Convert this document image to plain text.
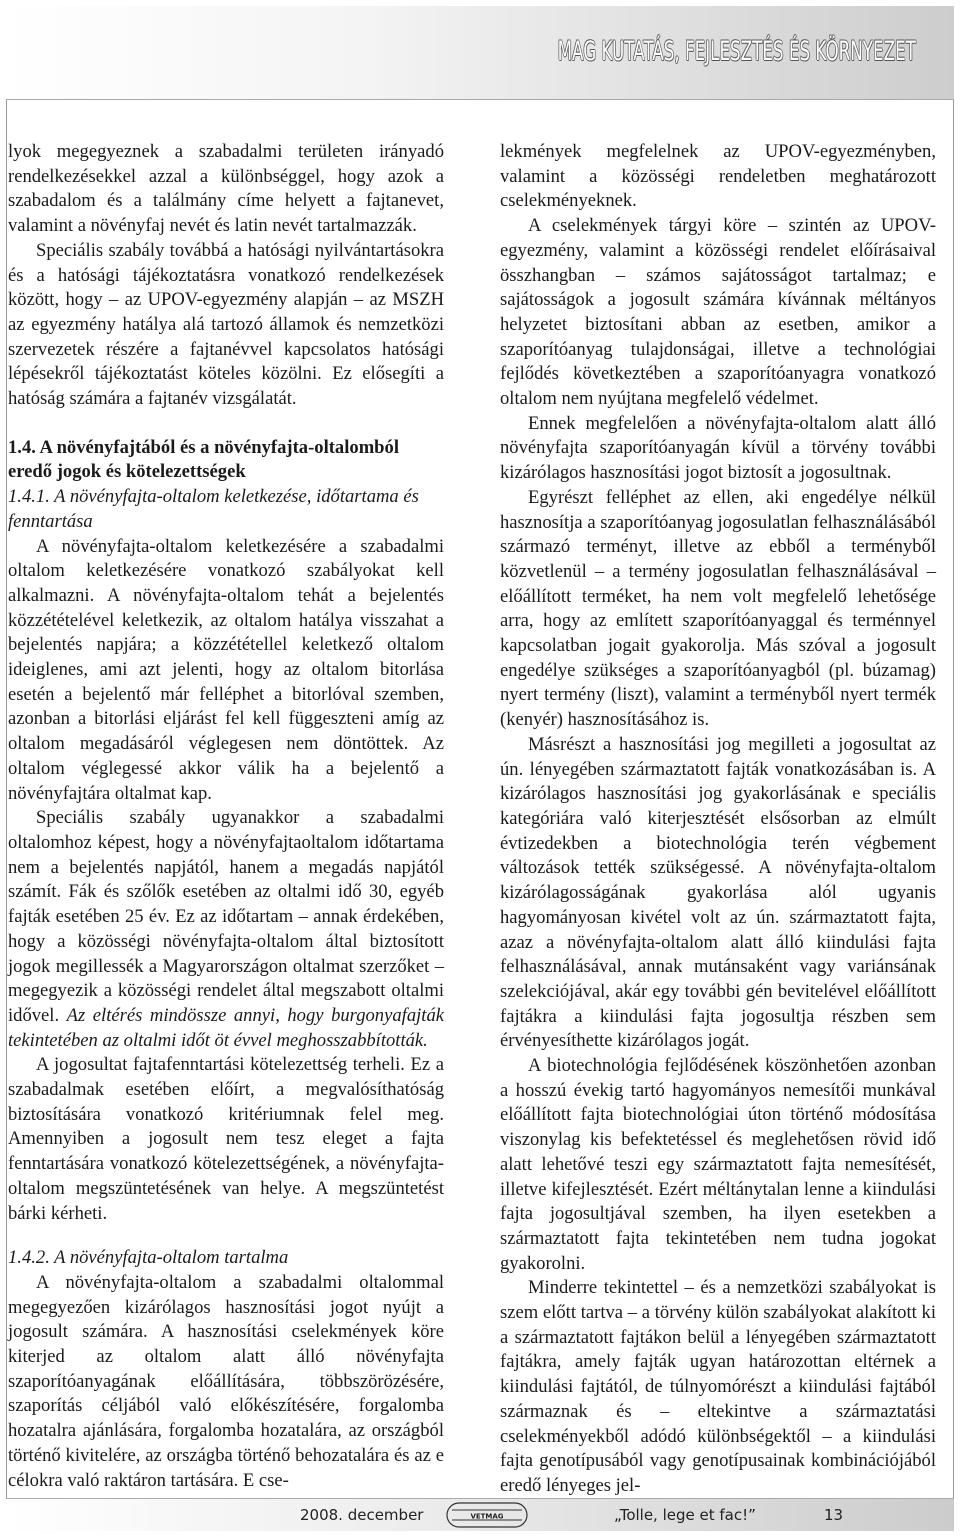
MAG KUTATÁS, FEJLESZTÉS ÉS KÖRNYEZET

lyok megegyeznek a szabadalmi területen irányadó rendelkezésekkel azzal a különbséggel, hogy azok a szabadalom és a találmány címe helyett a fajtanevet, valamint a növényfaj nevét és latin nevét tartalmazzák.

Speciális szabály továbbá a hatósági nyilvántartásokra és a hatósági tájékoztatásra vonatkozó rendelkezések között, hogy – az UPOV-egyezmény alapján – az MSZH az egyezmény hatálya alá tartozó államok és nemzetközi szervezetek részére a fajtanévvel kapcsolatos hatósági lépésekről tájékoztatást köteles közölni. Ez elősegíti a hatóság számára a fajtanév vizsgálatát.

1.4. A növényfajtából és a növényfajta-oltalomból eredő jogok és kötelezettségek

1.4.1. A növényfajta-oltalom keletkezése, időtartama és fenntartása

A növényfajta-oltalom keletkezésére a szabadalmi oltalom keletkezésére vonatkozó szabályokat kell alkalmazni. A növényfajta-oltalom tehát a bejelentés közzétételével keletkezik, az oltalom hatálya visszahat a bejelentés napjára; a közzététellel keletkező oltalom ideiglenes, ami azt jelenti, hogy az oltalom bitorlása esetén a bejelentő már felléphet a bitorlóval szemben, azonban a bitorlási eljárást fel kell függeszteni amíg az oltalom megadásáról véglegesen nem döntöttek. Az oltalom véglegessé akkor válik ha a bejelentő a növényfajtára oltalmat kap.

Speciális szabály ugyanakkor a szabadalmi oltalomhoz képest, hogy a növényfajtaoltalom időtartama nem a bejelentés napjától, hanem a megadás napjától számít. Fák és szőlők esetében az oltalmi idő 30, egyéb fajták esetében 25 év. Ez az időtartam – annak érdekében, hogy a közösségi növényfajta-oltalom által biztosított jogok megillessék a Magyarországon oltalmat szerzőket – megegyezik a közösségi rendelet által megszabott oltalmi idővel. Az eltérés mindössze annyi, hogy burgonyafajták tekintetében az oltalmi időt öt évvel meghosszabbították.

A jogosultat fajtafenntartási kötelezettség terheli. Ez a szabadalmak esetében előírt, a megvalósíthatóság biztosítására vonatkozó kritériumnak felel meg. Amennyiben a jogosult nem tesz eleget a fajta fenntartására vonatkozó kötelezettségének, a növényfajta-oltalom megszüntetésének van helye. A megszüntetést bárki kérheti.

1.4.2. A növényfajta-oltalom tartalma

A növényfajta-oltalom a szabadalmi oltalommal megegyezően kizárólagos hasznosítási jogot nyújt a jogosult számára. A hasznosítási cselekmények köre kiterjed az oltalom alatt álló növényfajta szaporítóanyagának előállítására, többszörözésére, szaporítás céljából való előkészítésére, forgalomba hozatalra ajánlására, forgalomba hozatalára, az országból történő kivitelére, az országba történő behozatalára és az e célokra való raktáron tartására. E cse-

lekmények megfelelnek az UPOV-egyezményben, valamint a közösségi rendeletben meghatározott cselekményeknek.

A cselekmények tárgyi köre – szintén az UPOV-egyezmény, valamint a közösségi rendelet előírásaival összhangban – számos sajátosságot tartalmaz; e sajátosságok a jogosult számára kívánnak méltányos helyzetet biztosítani abban az esetben, amikor a szaporítóanyag tulajdonságai, illetve a technológiai fejlődés következtében a szaporítóanyagra vonatkozó oltalom nem nyújtana megfelelő védelmet.

Ennek megfelelően a növényfajta-oltalom alatt álló növényfajta szaporítóanyagán kívül a törvény további kizárólagos hasznosítási jogot biztosít a jogosultnak.

Egyrészt felléphet az ellen, aki engedélye nélkül hasznosítja a szaporítóanyag jogosulatlan felhasználásából származó terményt, illetve az ebből a terményből közvetlenül – a termény jogosulatlan felhasználásával – előállított terméket, ha nem volt megfelelő lehetősége arra, hogy az említett szaporítóanyaggal és terménnyel kapcsolatban jogait gyakorolja. Más szóval a jogosult engedélye szükséges a szaporítóanyagból (pl. búzamag) nyert termény (liszt), valamint a terményből nyert termék (kenyér) hasznosításához is.

Másrészt a hasznosítási jog megilleti a jogosultat az ún. lényegében származtatott fajták vonatkozásában is. A kizárólagos hasznosítási jog gyakorlásának e speciális kategóriára való kiterjesztését elsősorban az elmúlt évtizedekben a biotechnológia terén végbement változások tették szükségessé. A növényfajta-oltalom kizárólagosságának gyakorlása alól ugyanis hagyományosan kivétel volt az ún. származtatott fajta, azaz a növényfajta-oltalom alatt álló kiindulási fajta felhasználásával, annak mutánsaként vagy variánsának szelekciójával, akár egy további gén bevitelével előállított fajtákra a kiindulási fajta jogosultja részben sem érvényesíthette kizárólagos jogát.

A biotechnológia fejlődésének köszönhetően azonban a hosszú évekig tartó hagyományos nemesítői munkával előállított fajta biotechnológiai úton történő módosítása viszonylag kis befektetéssel és meglehetősen rövid idő alatt lehetővé teszi egy származtatott fajta nemesítését, illetve kifejlesztését. Ezért méltánytalan lenne a kiindulási fajta jogosultjával szemben, ha ilyen esetekben a származtatott fajta tekintetében nem tudna jogokat gyakorolni.

Minderre tekintettel – és a nemzetközi szabályokat is szem előtt tartva – a törvény külön szabályokat alakított ki a származtatott fajtákon belül a lényegében származtatott fajtákra, amely fajták ugyan határozottan eltérnek a kiindulási fajtától, de túlnyomórészt a kiindulási fajtából származnak és – eltekintve a származtatási cselekményekből adódó különbségektől – a kiindulási fajta genotípusából vagy genotípusainak kombinációjából eredő lényeges jel-

2008. december	VETMAG	„Tolle, lege et fac!”	13
